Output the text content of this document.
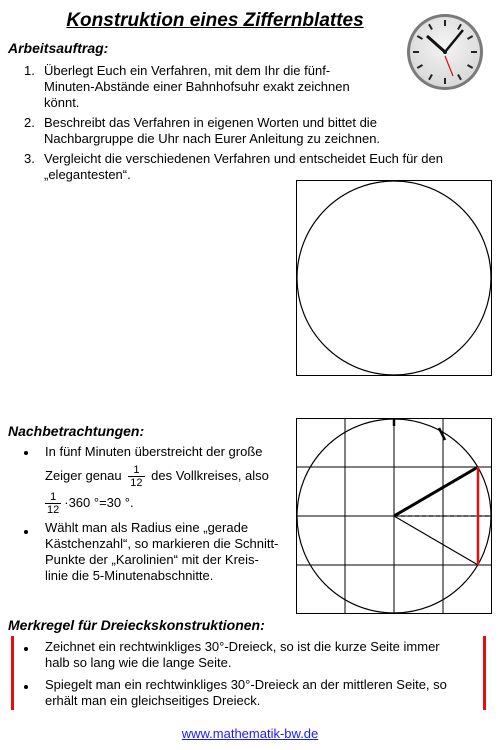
Konstruktion eines Ziffernblattes
Arbeitsauftrag:
1. Überlegt Euch ein Verfahren, mit dem Ihr die fünf-Minuten-Abstände einer Bahnhofsuhr exakt zeichnen könnt.
2. Beschreibt das Verfahren in eigenen Worten und bittet die Nachbargruppe die Uhr nach Eurer Anleitung zu zeichnen.
3. Vergleicht die verschiedenen Verfahren und entscheidet Euch für den „elegantesten“.
Nachbetrachtungen:
In fünf Minuten überstreicht der große
Zeiger genau $\frac{1}{12}$ des Vollkreises, also
$\frac{1}{12} \cdot 360$ °=30 °.
Wählt man als Radius eine „gerade
Kästchenzahl“, so markieren die Schnitt-
Punkte der „Karolinien“ mit der Kreis-
linie die 5-Minutenabschnitte.
Merkregel für Dreieckskonstruktionen:
Zeichnet ein rechtwinkliges 30°-Dreieck, so ist die kurze Seite immer
halb so lang wie die lange Seite.
Spiegelt man ein rechtwinkliges 30°-Dreieck an der mittleren Seite, so
erhält man ein gleichseitiges Dreieck.
www.mathematik-bw.de
